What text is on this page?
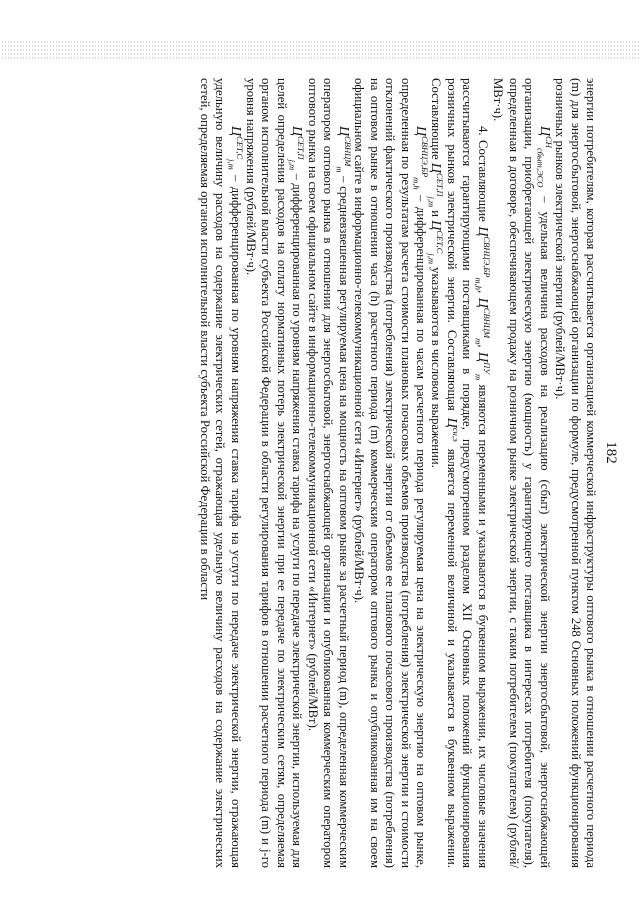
182

энергии потребителям, которая рассчитывается организацией коммерческой инфраструктуры оптового рынка в отношении расчетного периода (m) для энергосбытовой, энергоснабжающей организации по формуле, предусмотренной пунктом 248 Основных положений функционирования розничных рынков электрической энергии (рублей/МВт·ч).

$Ц^{СН}_{сбыт,ЭСО}$ – удельная величина расходов на реализацию (сбыт) электрической энергии энергосбытовой, энергоснабжающей организации, приобретающей электрическую энергию (мощность) у гарантирующего поставщика в интересах потребителя (покупателя), определенная в договоре, обеспечивающем продажу на розничном рынке электрической энергии, с таким потребителем (покупателем) (рублей/МВт·ч).

4. Составляющие $Ц^{СВНЦЭ,БР}_{m,h}$, $Ц^{СВНЦМ}_m$, $Ц^{ПУ}_m$ являются переменными и указываются в буквенном выражении, их числовые значения рассчитываются гарантирующими поставщиками в порядке, предусмотренном разделом XII Основных положений функционирования розничных рынков электрической энергии. Составляющая $Ц^{сн,э}$ является переменной величиной и указывается в буквенном выражении. Составляющие $Ц^{СЕТ,П}_{j,m}$ и $Ц^{СЕТ,С}_{j,m}$ указываются в числовом выражении.

$Ц^{СВНЦЭ,БР}_{m,h}$ – дифференцированная по часам расчетного периода регулируемая цена на электрическую энергию на оптовом рынке, определенная по результатам расчета стоимости плановых почасовых объемов производства (потребления) электрической энергии и стоимости отклонений фактического производства (потребления) электрической энергии от объемов ее планового почасового производства (потребления) на оптовом рынке в отношении часа (h) расчетного периода (m) коммерческим оператором оптового рынка и опубликованная им на своем официальном сайте в информационно-телекоммуникационной сети «Интернет» (рублей/МВт·ч).

$Ц^{СВНЦМ}_m$ – средневзвешенная регулируемая цена на мощность на оптовом рынке за расчетный период (m), определенная коммерческим оператором оптового рынка в отношении для энергосбытовой, энергоснабжающей организации и опубликованная коммерческим оператором оптового рынка на своем официальном сайте в информационно-телекоммуникационной сети «Интернет» (рублей/МВт).

$Ц^{СЕТ,П}_{j,m}$ – дифференцированная по уровням напряжения ставка тарифа на услуги по передаче электрической энергии, используемая для целей определения расходов на оплату нормативных потерь электрической энергии при ее передаче по электрическим сетям, определяемая органом исполнительной власти субъекта Российской Федерации в области регулирования тарифов в отношении расчетного периода (m) и j-го уровня напряжения (рублей/МВт·ч).

$Ц^{СЕТ,С}_{j,m}$ – дифференцированная по уровням напряжения ставка тарифа на услуги по передаче электрической энергии, отражающая удельную величину расходов на содержание электрических сетей, отражающая удельную величину расходов на содержание электрических сетей, определяемая органом исполнительной власти субъекта Российской Федерации в области
